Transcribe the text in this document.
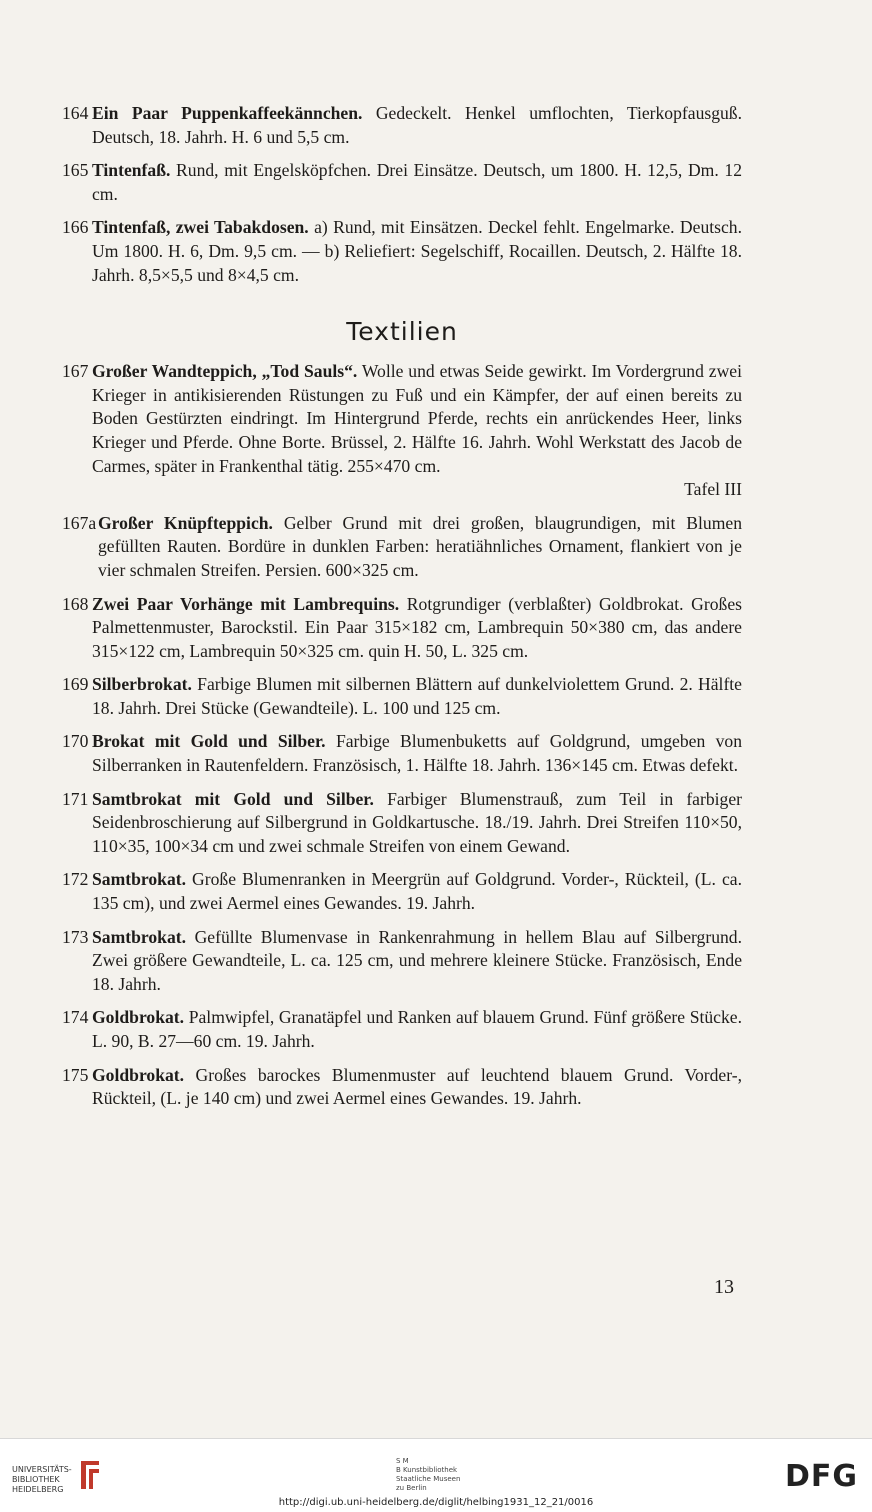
164 Ein Paar Puppenkaffeekännchen. Gedeckelt. Henkel umflochten, Tierkopfausguß. Deutsch, 18. Jahrh. H. 6 und 5,5 cm.
165 Tintenfaß. Rund, mit Engelsköpfchen. Drei Einsätze. Deutsch, um 1800. H. 12,5, Dm. 12 cm.
166 Tintenfaß, zwei Tabakdosen. a) Rund, mit Einsätzen. Deckel fehlt. Engelmarke. Deutsch. Um 1800. H. 6, Dm. 9,5 cm. — b) Reliefiert: Segelschiff, Rocaillen. Deutsch, 2. Hälfte 18. Jahrh. 8,5×5,5 und 8×4,5 cm.
Textilien
167 Großer Wandteppich, „Tod Sauls“. Wolle und etwas Seide gewirkt. Im Vordergrund zwei Krieger in antikisierenden Rüstungen zu Fuß und ein Kämpfer, der auf einen bereits zu Boden Gestürzten eindringt. Im Hintergrund Pferde, rechts ein anrückendes Heer, links Krieger und Pferde. Ohne Borte. Brüssel, 2. Hälfte 16. Jahrh. Wohl Werkstatt des Jacob de Carmes, später in Frankenthal tätig. 255×470 cm.
Tafel III
167a Großer Knüpfteppich. Gelber Grund mit drei großen, blaugrundigen, mit Blumen gefüllten Rauten. Bordüre in dunklen Farben: heratiähnliches Ornament, flankiert von je vier schmalen Streifen. Persien. 600×325 cm.
168 Zwei Paar Vorhänge mit Lambrequins. Rotgrundiger (verblaßter) Goldbrokat. Großes Palmettenmuster, Barockstil. Ein Paar 315×182 cm, Lambrequin 50×380 cm, das andere 315×122 cm, Lambrequin 50×325 cm. quin H. 50, L. 325 cm.
169 Silberbrokat. Farbige Blumen mit silbernen Blättern auf dunkelviolettem Grund. 2. Hälfte 18. Jahrh. Drei Stücke (Gewandteile). L. 100 und 125 cm.
170 Brokat mit Gold und Silber. Farbige Blumenbuketts auf Goldgrund, umgeben von Silberranken in Rautenfeldern. Französisch, 1. Hälfte 18. Jahrh. 136×145 cm. Etwas defekt.
171 Samtbrokat mit Gold und Silber. Farbiger Blumenstrauß, zum Teil in farbiger Seidenbroschierung auf Silbergrund in Goldkartusche. 18./19. Jahrh. Drei Streifen 110×50, 110×35, 100×34 cm und zwei schmale Streifen von einem Gewand.
172 Samtbrokat. Große Blumenranken in Meergrün auf Goldgrund. Vorder-, Rückteil, (L. ca. 135 cm), und zwei Aermel eines Gewandes. 19. Jahrh.
173 Samtbrokat. Gefüllte Blumenvase in Rankenrahmung in hellem Blau auf Silbergrund. Zwei größere Gewandteile, L. ca. 125 cm, und mehrere kleinere Stücke. Französisch, Ende 18. Jahrh.
174 Goldbrokat. Palmwipfel, Granatäpfel und Ranken auf blauem Grund. Fünf größere Stücke. L. 90, B. 27—60 cm. 19. Jahrh.
175 Goldbrokat. Großes barockes Blumenmuster auf leuchtend blauem Grund. Vorder-, Rückteil, (L. je 140 cm) und zwei Aermel eines Gewandes. 19. Jahrh.
13
UNIVERSITÄTS-
BIBLIOTHEK
HEIDELBERG
S M
B Kunstbibliothek
Staatliche Museen
zu Berlin	DFG
http://digi.ub.uni-heidelberg.de/diglit/helbing1931_12_21/0016
